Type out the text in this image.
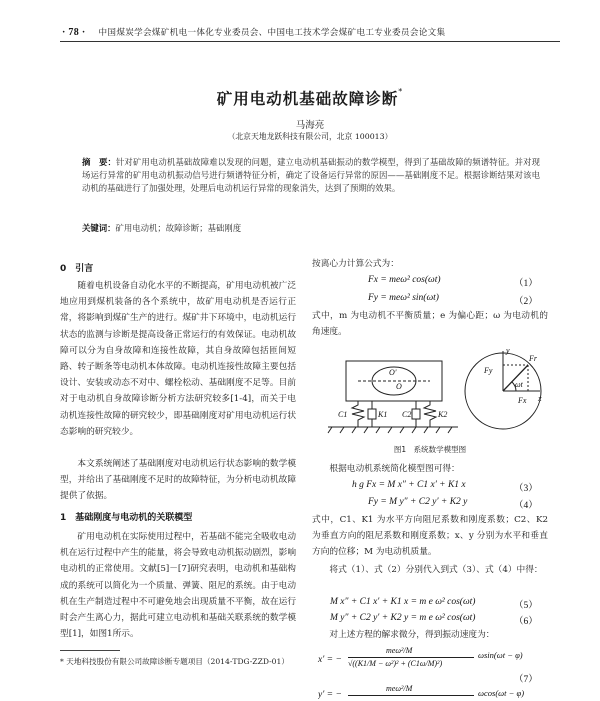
· 78 · 中国煤炭学会煤矿机电一体化专业委员会、中国电工技术学会煤矿电工专业委员会论文集
矿用电动机基础故障诊断*
马海亮
（北京天地龙跃科技有限公司，北京 100013）
摘　要：针对矿用电动机基础故障难以发现的问题，建立电动机基础振动的数学模型，得到了基础故障的频谱特征。并对现场运行异常的矿用电动机振动信号进行频谱特征分析，确定了设备运行异常的原因——基础刚度不足。根据诊断结果对该电动机的基础进行了加强处理，处理后电动机运行异常的现象消失，达到了预期的效果。
关键词：矿用电动机；故障诊断；基础刚度
0　引言
随着电机设备自动化水平的不断提高，矿用电动机被广泛地应用到煤机装备的各个系统中，故矿用电动机是否运行正常，将影响到煤矿生产的进行。煤矿井下环境中，电动机运行状态的监测与诊断是提高设备正常运行的有效保证。电动机故障可以分为自身故障和连接性故障，其自身故障包括匝间短路、转子断条等电动机本体故障。电动机连接性故障主要包括设计、安装或动态不对中、螺栓松动、基础刚度不足等。目前对于电动机自身故障诊断分析方法研究较多[1-4]，而关于电动机连接性故障的研究较少，即基础刚度对矿用电动机运行状态影响的研究较少。
本文系统阐述了基础刚度对电动机运行状态影响的数学模型，并给出了基础刚度不足时的故障特征，为分析电动机故障提供了依据。
1　基础刚度与电动机的关联模型
矿用电动机在实际使用过程中，若基础不能完全吸收电动机在运行过程中产生的能量，将会导致电动机振动剧烈，影响电动机的正常使用。文献[5]－[7]研究表明，电动机和基础构成的系统可以简化为一个质量、弹簧、阻尼的系统。由于电动机在生产制造过程中不可避免地会出现质量不平衡，故在运行时会产生离心力，据此可建立电动机和基础关联系统的数学模型[1]，如图1所示。
* 天地科技股份有限公司故障诊断专题项目（2014-TDG-ZZD-01）
按离心力计算公式为：
Fx = meω² cos(ωt)	（1）
Fy = meω² sin(ωt)	（2）
式中，m 为电动机不平衡质量；e 为偏心距；ω 为电动机的角速度。
O'
O
C1	K1 C2	K2
y
x
Fy
Fx
Fr
ωt
图1　系统数学模型图
根据电动机系统简化模型图可得：
h g Fx = M x″ + C1 x′ + K1 x	（3）
Fy = M y″ + C2 y′ + K2 y	（4）
式中，C1、K1 为水平方向阻尼系数和刚度系数；C2、K2 为垂直方向的阻尼系数和刚度系数；x、y 分别为水平和垂直方向的位移；M 为电动机质量。
将式（1）、式（2）分别代入到式（3）、式（4）中得：
M x″ + C1 x′ + K1 x = m e ω² cos(ωt)	（5）
M y″ + C2 y′ + K2 y = m e ω² cos(ωt)	（6）
对上述方程的解求微分，得到振动速度为：
x′ = −
meω²/M
√((K1/M − ω²)² + (C1ω/M)²)
ωsin(ωt − φ)
（7）
y′ = −
meω²/M	ωcos(ωt − φ)
